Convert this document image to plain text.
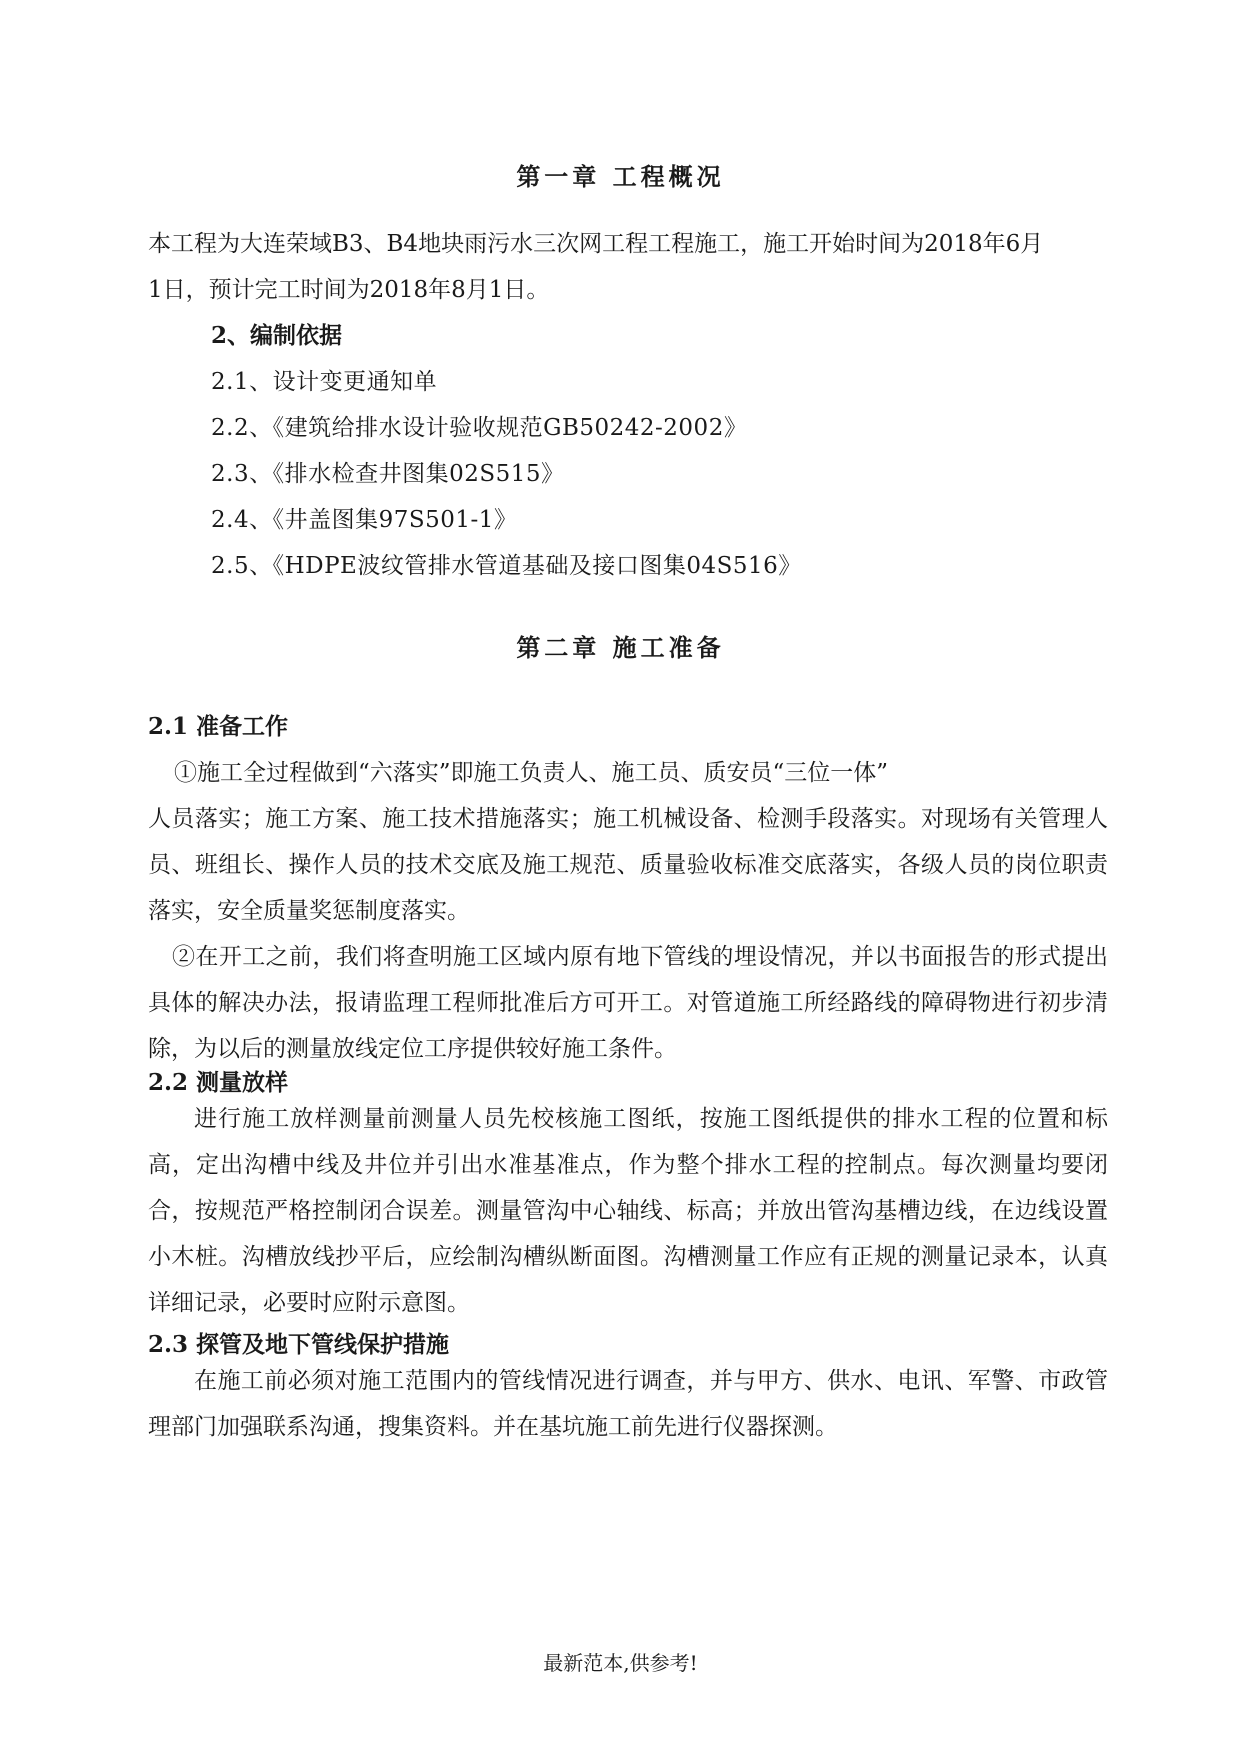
第一章 工程概况
本工程为大连荣域B3、B4地块雨污水三次网工程工程施工，施工开始时间为2018年6月
1日，预计完工时间为2018年8月1日。
2、编制依据
2.1、设计变更通知单
2.2、《建筑给排水设计验收规范GB50242-2002》
2.3、《排水检查井图集02S515》
2.4、《井盖图集97S501-1》
2.5、《HDPE波纹管排水管道基础及接口图集04S516》
第二章 施工准备
2.1 准备工作
①施工全过程做到“六落实”即施工负责人、施工员、质安员“三位一体”

人员落实；施工方案、施工技术措施落实；施工机械设备、检测手段落实。对现场有关管理人员、班组长、操作人员的技术交底及施工规范、质量验收标准交底落实，各级人员的岗位职责落实，安全质量奖惩制度落实。

②在开工之前，我们将查明施工区域内原有地下管线的埋设情况，并以书面报告的形式提出具体的解决办法，报请监理工程师批准后方可开工。对管道施工所经路线的障碍物进行初步清除，为以后的测量放线定位工序提供较好施工条件。

2.2 测量放样

进行施工放样测量前测量人员先校核施工图纸，按施工图纸提供的排水工程的位置和标高，定出沟槽中线及井位并引出水准基准点，作为整个排水工程的控制点。每次测量均要闭合，按规范严格控制闭合误差。测量管沟中心轴线、标高；并放出管沟基槽边线，在边线设置小木桩。沟槽放线抄平后，应绘制沟槽纵断面图。沟槽测量工作应有正规的测量记录本，认真详细记录，必要时应附示意图。

2.3 探管及地下管线保护措施

在施工前必须对施工范围内的管线情况进行调查，并与甲方、供水、电讯、军警、市政管理部门加强联系沟通，搜集资料。并在基坑施工前先进行仪器探测。

最新范本,供参考!
